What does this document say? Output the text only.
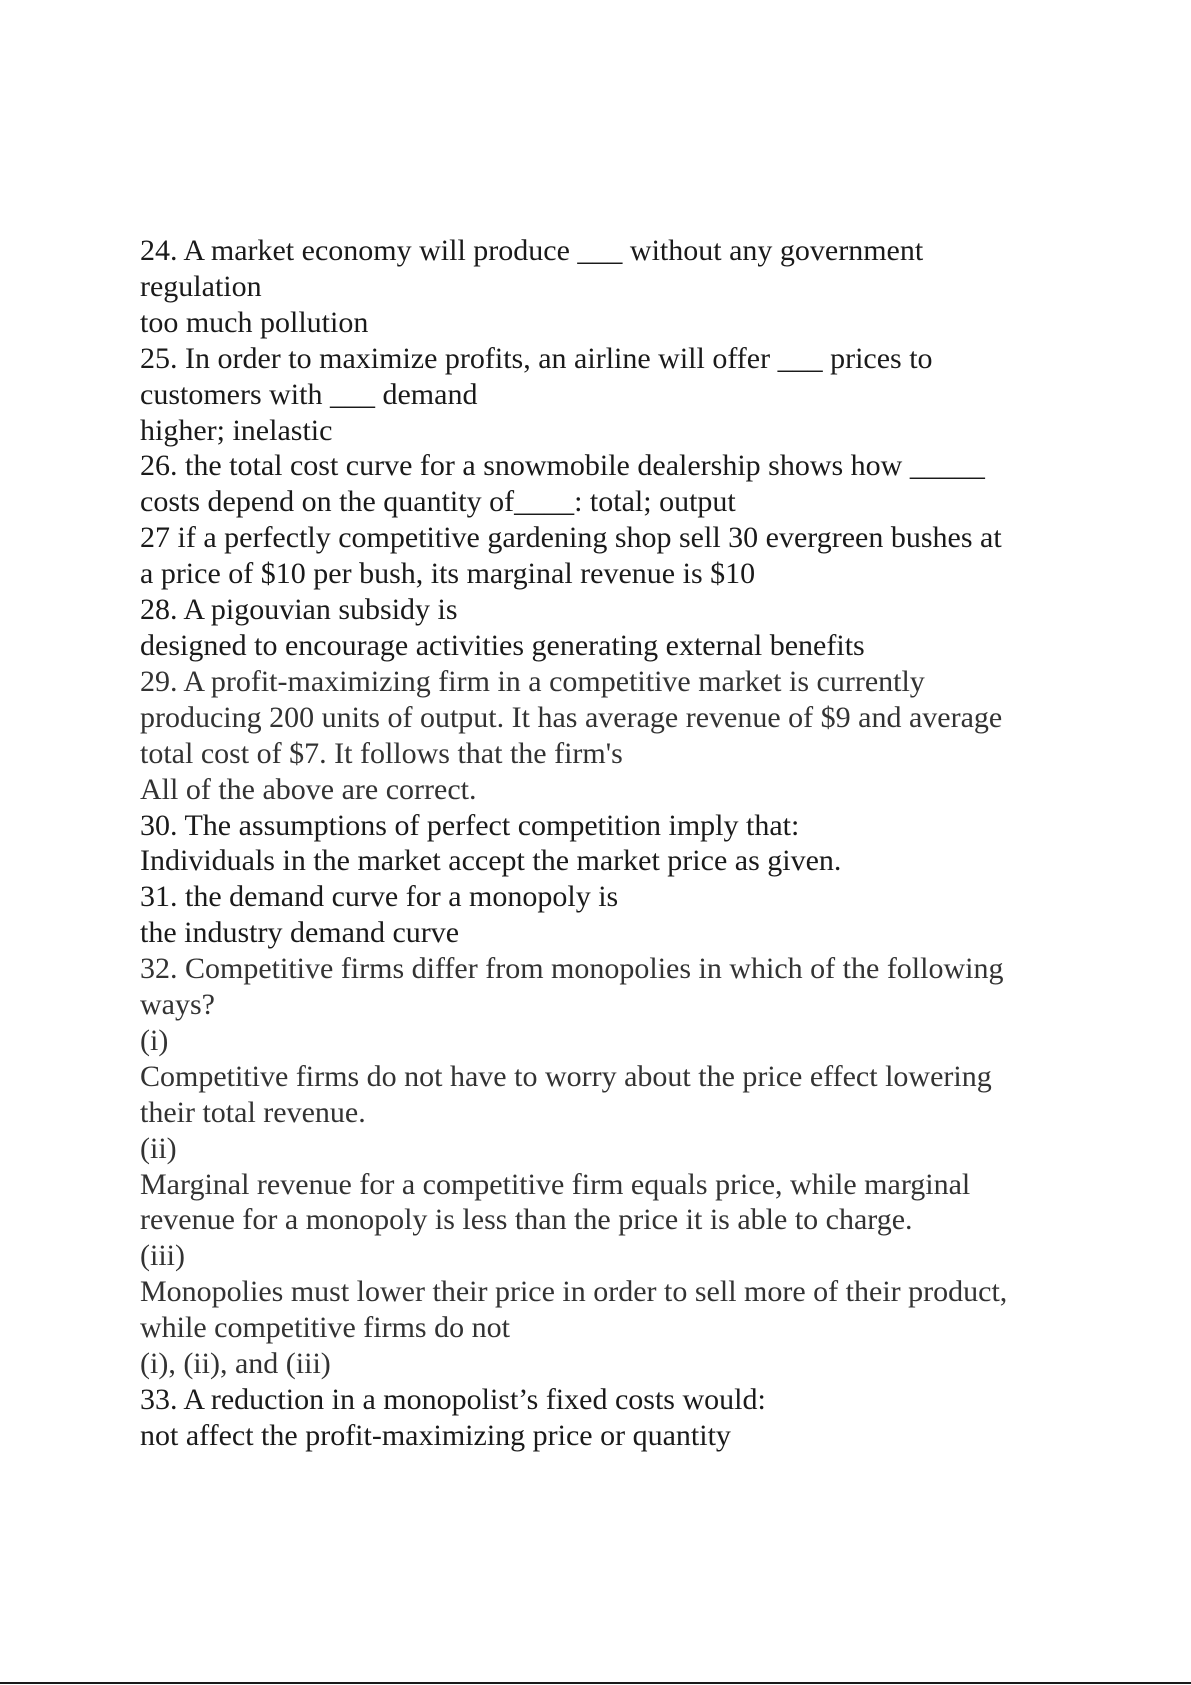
24. A market economy will produce ___ without any government
regulation
too much pollution
25. In order to maximize profits, an airline will offer ___ prices to
customers with ___ demand
higher; inelastic
26. the total cost curve for a snowmobile dealership shows how _____
costs depend on the quantity of____: total; output
27 if a perfectly competitive gardening shop sell 30 evergreen bushes at
a price of $10 per bush, its marginal revenue is $10
28. A pigouvian subsidy is
designed to encourage activities generating external benefits
29. A profit-maximizing firm in a competitive market is currently
producing 200 units of output. It has average revenue of $9 and average
total cost of $7. It follows that the firm's
All of the above are correct.
30. The assumptions of perfect competition imply that:
Individuals in the market accept the market price as given.
31. the demand curve for a monopoly is
the industry demand curve
32. Competitive firms differ from monopolies in which of the following
ways?
(i)
Competitive firms do not have to worry about the price effect lowering
their total revenue.
(ii)
Marginal revenue for a competitive firm equals price, while marginal
revenue for a monopoly is less than the price it is able to charge.
(iii)
Monopolies must lower their price in order to sell more of their product,
while competitive firms do not
(i), (ii), and (iii)
33. A reduction in a monopolist’s fixed costs would:
not affect the profit-maximizing price or quantity
